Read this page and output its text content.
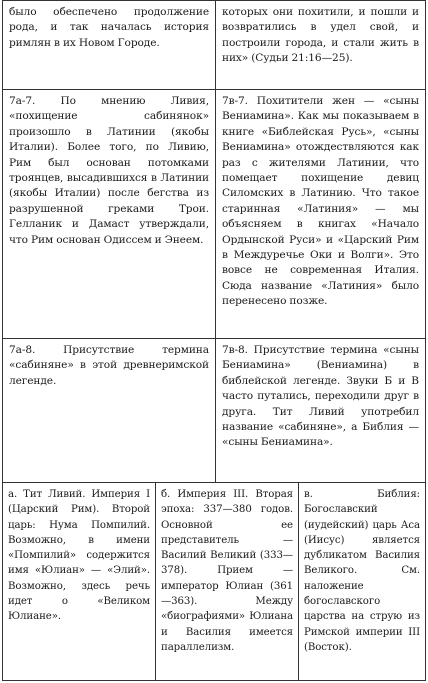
было обеспечено продолжение рода, и так началась история римлян в их Новом Городе.

которых они похитили, и пошли и возвратились в удел свой, и построили города, и стали жить в них» (Судьи 21:16—25).

7а-7. По мнению Ливия, «похищение сабинянок» произошло в Латинии (якобы Италии). Более того, по Ливию, Рим был основан потомками троянцев, высадившихся в Латинии (якобы Италии) после бегства из разрушенной греками Трои. Гелланик и Дамаст утверждали, что Рим основан Одиссем и Энеем.

7в-7. Похитители жен — «сыны Вениамина». Как мы показываем в книге «Библейская Русь», «сыны Вениамина» отождествляются как раз с жителями Латинии, что помещает похищение девиц Силомских в Латинию. Что такое старинная «Латиния» — мы объясняем в книгах «Начало Ордынской Руси» и «Царский Рим в Междуречье Оки и Волги». Это вовсе не современная Италия. Сюда название «Латиния» было перенесено позже.

7а-8. Присутствие термина «сабиняне» в этой древнеримской легенде.

7в-8. Присутствие термина «сыны Бениамина» (Вениамина) в библейской легенде. Звуки Б и В часто путались, переходили друг в друга. Тит Ливий употребил название «сабиняне», а Библия — «сыны Бениамина».

а. Тит Ливий. Империя I (Царский Рим). Второй царь: Нума Помпилий. Возможно, в имени «Помпилий» содержится имя «Юлиан» — «Элий». Возможно, здесь речь идет о «Великом Юлиане».

б. Империя III. Вторая эпоха: 337—380 годов. Основной ее представитель — Василий Великий (333—378). Прием — император Юлиан (361—363). Между «биографиями» Юлиана и Василия имеется параллелизм.

в. Библия: Богославский (иудейский) царь Аса (Иисус) является дубликатом Василия Великого. См. наложение богославского царства на струю из Римской империи III (Восток).
